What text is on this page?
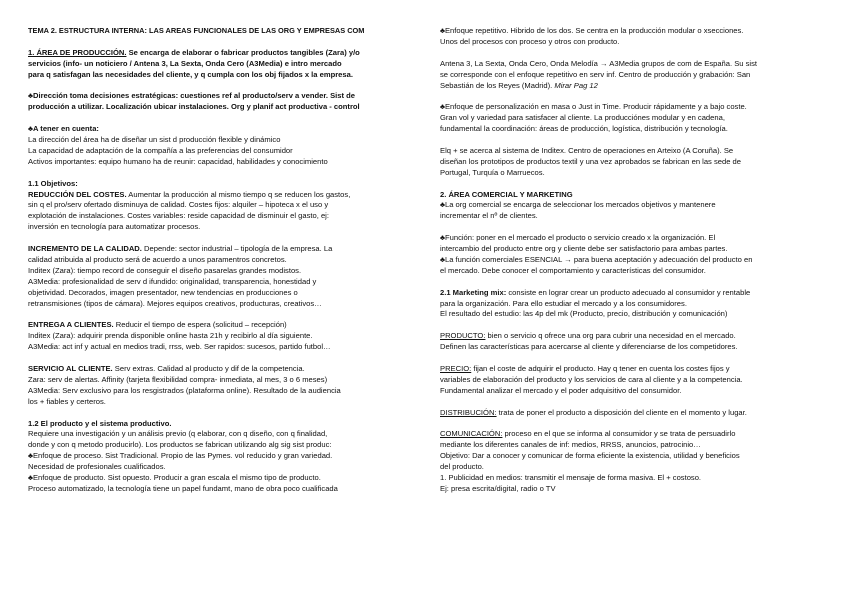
TEMA 2. ESTRUCTURA INTERNA: LAS AREAS FUNCIONALES DE LAS ORG Y EMPRESAS COM

1. ÁREA DE PRODUCCIÓN. Se encarga de elaborar o fabricar productos tangibles (Zara) y/o

servicios (info- un noticiero / Antena 3, La Sexta, Onda Cero (A3Media) e intro mercado

para q satisfagan las necesidades del cliente, y q cumpla con los obj fijados x la empresa.

♣Dirección toma decisiones estratégicas: cuestiones ref al producto/serv a vender. Sist de

producción a utilizar. Localización ubicar instalaciones. Org y planif act productiva - control

♣A tener en cuenta:

La dirección del área ha de diseñar un sist d producción flexible y dinámico

La capacidad de adaptación de la compañía a las preferencias del consumidor

Activos importantes: equipo humano ha de reunir: capacidad, habilidades y conocimiento

1.1 Objetivos:

REDUCCIÓN DEL COSTES. Aumentar la producción al mismo tiempo q se reducen los gastos,

sin q el pro/serv ofertado disminuya de calidad. Costes fijos: alquiler – hipoteca x el uso y

explotación de instalaciones. Costes variables: reside capacidad de disminuir el gasto, ej:

inversión en tecnología para automatizar procesos.

INCREMENTO DE LA CALIDAD. Depende: sector industrial – tipología de la empresa. La

calidad atribuida al producto será de acuerdo a unos paramentros concretos.

Inditex (Zara): tiempo record de conseguir el diseño pasarelas grandes modistos.

A3Media: profesionalidad de serv d ifundido: originalidad, transparencia, honestidad y

objetividad. Decorados, imagen presentador, new tendencias en producciones o

retransmisiones (tipos de cámara). Mejores equipos creativos, producturas, creativos…

ENTREGA A CLIENTES. Reducir el tiempo de espera (solicitud – recepción)

Inditex (Zara): adquirir prenda disponible online hasta 21h y recibirlo al día siguiente.

A3Media: act inf y actual en medios tradi, rrss, web. Ser rapidos: sucesos, partido futbol…

SERVICIO AL CLIENTE. Serv extras. Calidad al producto y dif de la competencia.

Zara: serv de alertas. Affinity (tarjeta flexibilidad compra- inmediata, al mes, 3 o 6 meses)

A3Media: Serv exclusivo para los resgistrados (plataforma online). Resultado de la audiencia

los + fiables y certeros.

1.2 El producto y el sistema productivo.

Requiere una investigación y un análisis previo (q elaborar, con q diseño, con q finalidad,

donde y con q metodo producirlo). Los productos se fabrican utilizando alg sig sist produc:

♣Enfoque de proceso. Sist Tradicional. Propio de las Pymes. vol reducido y gran variedad.

Necesidad de profesionales cualificados.

♣Enfoque de producto. Sist opuesto. Producir a gran escala el mismo tipo de producto.

Proceso automatizado, la tecnología tiene un papel fundamt, mano de obra poco cualificada

♣Enfoque repetitivo. Hibrido de los dos. Se centra en la producción modular o xsecciones.

Unos del procesos con proceso y otros con producto.

Antena 3, La Sexta, Onda Cero, Onda Melodía → A3Media grupos de com de España. Su sist

se corresponde con el enfoque repetitivo en serv inf. Centro de producción y grabación: San

Sebastián de los Reyes (Madrid). Mirar Pag 12

♣Enfoque de personalización en masa o Just in Time. Producir rápidamente y a bajo coste.

Gran vol y variedad para satisfacer al cliente. La producciónes modular y en cadena,

fundamental la coordinación: áreas de producción, logística, distribución y tecnología.

Elq + se acerca al sistema de Inditex. Centro de operaciones en Arteixo (A Coruña). Se

diseñan los prototipos de productos textil y una vez aprobados se fabrican en las sede de

Portugal, Turquía o Marruecos.

2. ÁREA COMERCIAL Y MARKETING

♣La org comercial se encarga de seleccionar los mercados objetivos y mantenere

incrementar el nº de clientes.

♣Función: poner en el mercado el producto o servicio creado x la organización. El

intercambio del producto entre org y cliente debe ser satisfactorio para ambas partes.

♣La función comerciales ESENCIAL → para buena aceptación y adecuación del producto en

el mercado. Debe conocer el comportamiento y características del consumidor.

2.1 Marketing mix: consiste en lograr crear un producto adecuado al consumidor y rentable

para la organización. Para ello estudiar el mercado y a los consumidores.

El resultado del estudio: las 4p del mk (Producto, precio, distribución y comunicación)

PRODUCTO: bien o servicio q ofrece una org para cubrir una necesidad en el mercado.

Definen las características para acercarse al cliente y diferenciarse de los competidores.

PRECIO: fijan el coste de adquirir el producto. Hay q tener en cuenta los costes fijos y

variables de elaboración del producto y los servicios de cara al cliente y a la competencia.

Fundamental analizar el mercado y el poder adquisitivo del consumidor.

DISTRIBUCIÓN: trata de poner el producto a disposición del cliente en el momento y lugar.

COMUNICACIÓN: proceso en el que se informa al consumidor y se trata de persuadirlo

mediante los diferentes canales de inf: medios, RRSS, anuncios, patrocinio…

Objetivo: Dar a conocer y comunicar de forma eficiente la existencia, utilidad y beneficios

del producto.

1. Publicidad en medios: transmitir el mensaje de forma masiva. El + costoso.

Ej: presa escrita/digital, radio o TV
